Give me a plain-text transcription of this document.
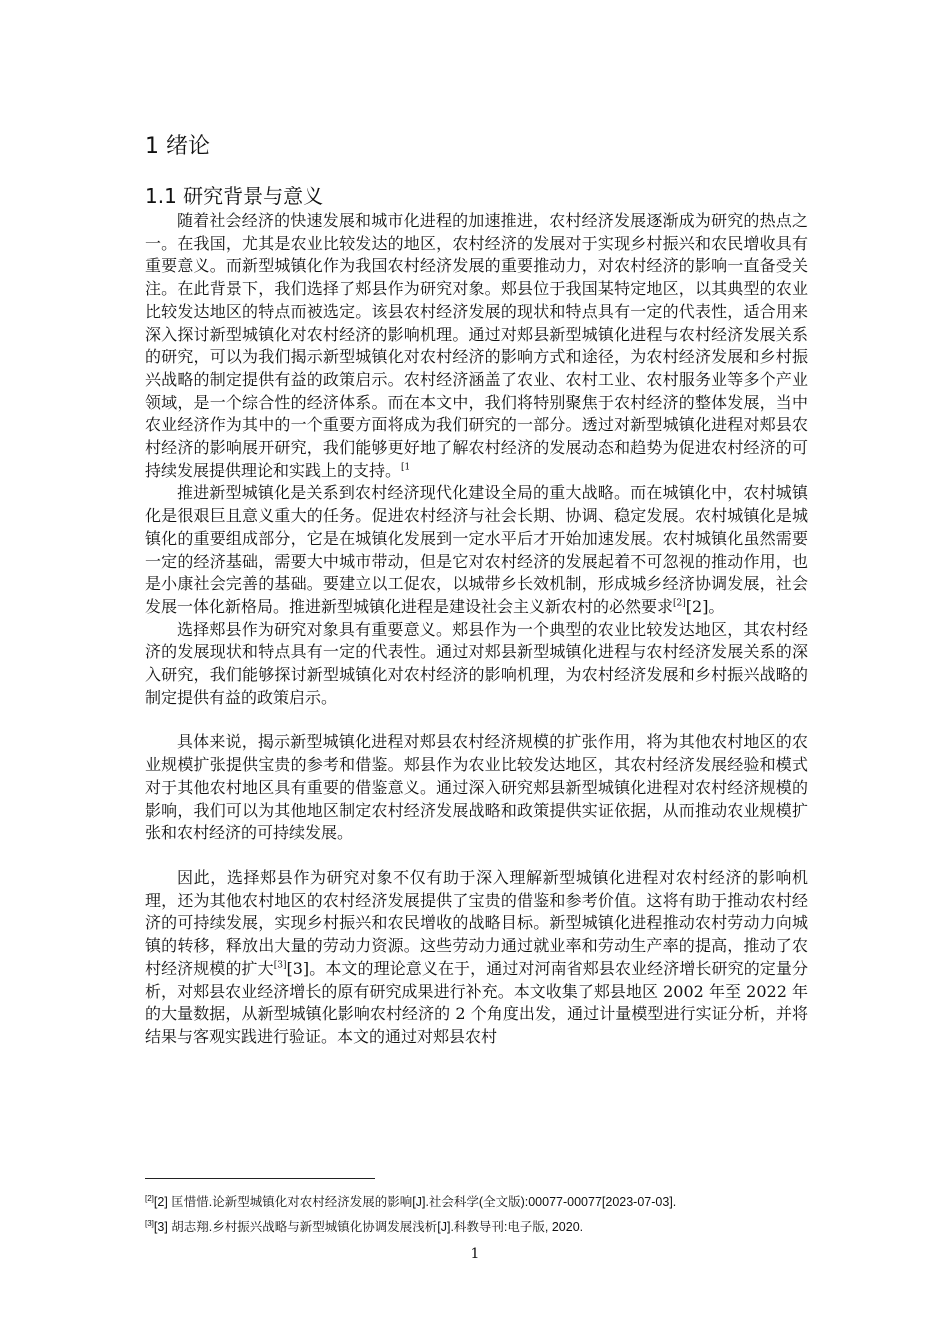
1 绪论
1.1 研究背景与意义

随着社会经济的快速发展和城市化进程的加速推进，农村经济发展逐渐成为研究的热点之一。在我国，尤其是农业比较发达的地区，农村经济的发展对于实现乡村振兴和农民增收具有重要意义。而新型城镇化作为我国农村经济发展的重要推动力，对农村经济的影响一直备受关注。在此背景下，我们选择了郏县作为研究对象。郏县位于我国某特定地区，以其典型的农业比较发达地区的特点而被选定。该县农村经济发展的现状和特点具有一定的代表性，适合用来深入探讨新型城镇化对农村经济的影响机理。通过对郏县新型城镇化进程与农村经济发展关系的研究，可以为我们揭示新型城镇化对农村经济的影响方式和途径，为农村经济发展和乡村振兴战略的制定提供有益的政策启示。农村经济涵盖了农业、农村工业、农村服务业等多个产业领域，是一个综合性的经济体系。而在本文中，我们将特别聚焦于农村经济的整体发展，当中农业经济作为其中的一个重要方面将成为我们研究的一部分。透过对新型城镇化进程对郏县农村经济的影响展开研究，我们能够更好地了解农村经济的发展动态和趋势为促进农村经济的可持续发展提供理论和实践上的支持。$^{[1}$

推进新型城镇化是关系到农村经济现代化建设全局的重大战略。而在城镇化中，农村城镇化是很艰巨且意义重大的任务。促进农村经济与社会长期、协调、稳定发展。农村城镇化是城镇化的重要组成部分，它是在城镇化发展到一定水平后才开始加速发展。农村城镇化虽然需要一定的经济基础，需要大中城市带动，但是它对农村经济的发展起着不可忽视的推动作用，也是小康社会完善的基础。要建立以工促农，以城带乡长效机制，形成城乡经济协调发展，社会发展一体化新格局。推进新型城镇化进程是建设社会主义新农村的必然要求[2][2]。

选择郏县作为研究对象具有重要意义。郏县作为一个典型的农业比较发达地区，其农村经济的发展现状和特点具有一定的代表性。通过对郏县新型城镇化进程与农村经济发展关系的深入研究，我们能够探讨新型城镇化对农村经济的影响机理，为农村经济发展和乡村振兴战略的制定提供有益的政策启示。

具体来说，揭示新型城镇化进程对郏县农村经济规模的扩张作用，将为其他农村地区的农业规模扩张提供宝贵的参考和借鉴。郏县作为农业比较发达地区，其农村经济发展经验和模式对于其他农村地区具有重要的借鉴意义。通过深入研究郏县新型城镇化进程对农村经济规模的影响，我们可以为其他地区制定农村经济发展战略和政策提供实证依据，从而推动农业规模扩张和农村经济的可持续发展。

因此，选择郏县作为研究对象不仅有助于深入理解新型城镇化进程对农村经济的影响机理，还为其他农村地区的农村经济发展提供了宝贵的借鉴和参考价值。这将有助于推动农村经济的可持续发展，实现乡村振兴和农民增收的战略目标。新型城镇化进程推动农村劳动力向城镇的转移，释放出大量的劳动力资源。这些劳动力通过就业率和劳动生产率的提高，推动了农村经济规模的扩大[3][3]。本文的理论意义在于，通过对河南省郏县农业经济增长研究的定量分析，对郏县农业经济增长的原有研究成果进行补充。本文收集了郏县地区 2002 年至 2022 年的大量数据，从新型城镇化影响农村经济的 2 个角度出发，通过计量模型进行实证分析，并将结果与客观实践进行验证。本文的通过对郏县农村

[2][2] 匡惜惜.论新型城镇化对农村经济发展的影响[J].社会科学(全文版):00077-00077[2023-07-03].
[3][3] 胡志翔.乡村振兴战略与新型城镇化协调发展浅析[J].科教导刊:电子版, 2020.
1
